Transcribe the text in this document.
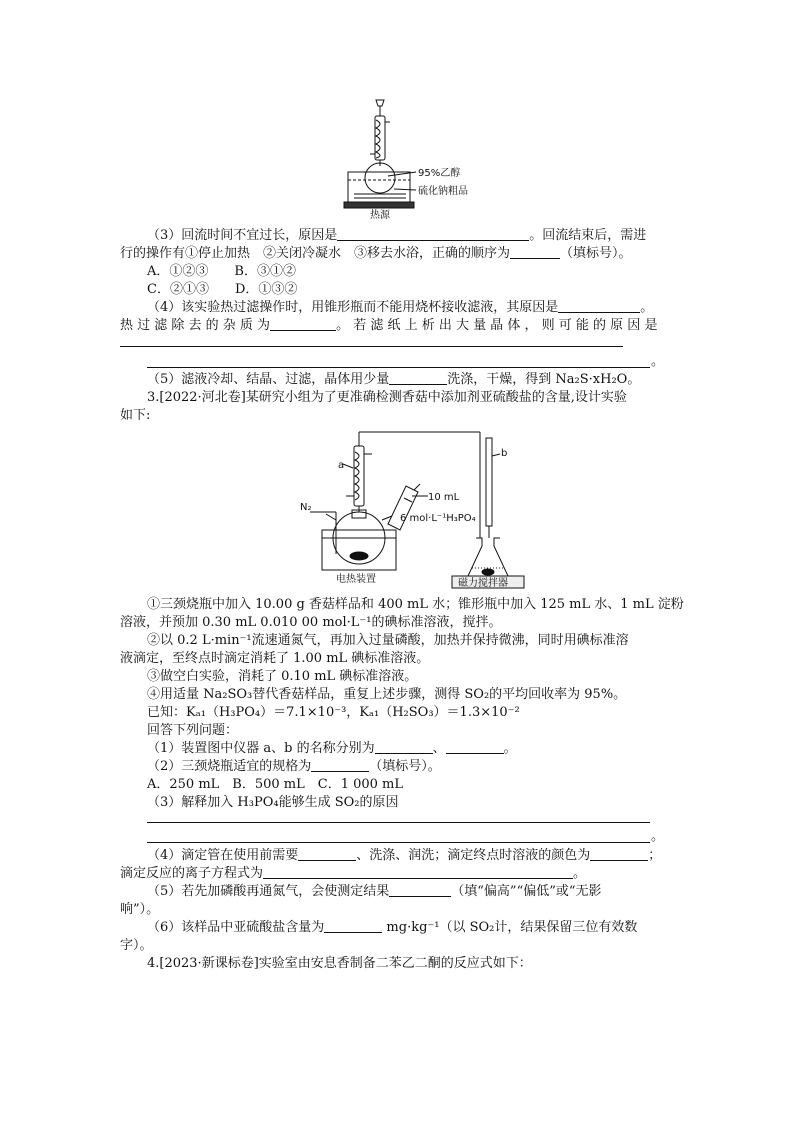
95%乙醇
硫化钠粗品
热源
（3）回流时间不宜过长，原因是	。回流结束后，需进
行的操作有①停止加热　②关闭冷凝水　③移去水浴，正确的顺序为	（填标号）。
A．①②③　　B．③①②
C．②①③　　D．①③②
（4）该实验热过滤操作时，用锥形瓶而不能用烧杯接收滤液，其原因是	。
热 过 滤 除 去 的 杂 质 为	。 若 滤 纸 上 析 出 大 量 晶 体 ， 则 可 能 的 原 因 是
。
（5）滤液冷却、结晶、过滤，晶体用少量	洗涤，干燥，得到 Na₂S·xH₂O。
3.[2022·河北卷]某研究小组为了更准确检测香菇中添加剂亚硫酸盐的含量,设计实验
如下:
a
b
N₂
10 mL
6 mol·L⁻¹H₃PO₄
电热装置	磁力搅拌器
①三颈烧瓶中加入 10.00 g 香菇样品和 400 mL 水；锥形瓶中加入 125 mL 水、1 mL 淀粉
溶液，并预加 0.30 mL 0.010 00 mol·L⁻¹的碘标准溶液，搅拌。
②以 0.2 L·min⁻¹流速通氮气，再加入过量磷酸，加热并保持微沸，同时用碘标准溶
液滴定，至终点时滴定消耗了 1.00 mL 碘标准溶液。
③做空白实验，消耗了 0.10 mL 碘标准溶液。
④用适量 Na₂SO₃替代香菇样品，重复上述步骤，测得 SO₂的平均回收率为 95%。
已知：Kₐ₁（H₃PO₄）＝7.1×10⁻³，Kₐ₁（H₂SO₃）＝1.3×10⁻²
回答下列问题：
（1）装置图中仪器 a、b 的名称分别为	、	。
（2）三颈烧瓶适宜的规格为	（填标号）。
A．250 mL　B．500 mL　C．1 000 mL
（3）解释加入 H₃PO₄能够生成 SO₂的原因
。
（4）滴定管在使用前需要	、洗涤、润洗；滴定终点时溶液的颜色为	；
滴定反应的离子方程式为	。
（5）若先加磷酸再通氮气，会使测定结果	（填“偏高”“偏低”或“无影
响”）。
（6）该样品中亚硫酸盐含量为	mg·kg⁻¹（以 SO₂计，结果保留三位有效数
字）。
4.[2023·新课标卷]实验室由安息香制备二苯乙二酮的反应式如下：
